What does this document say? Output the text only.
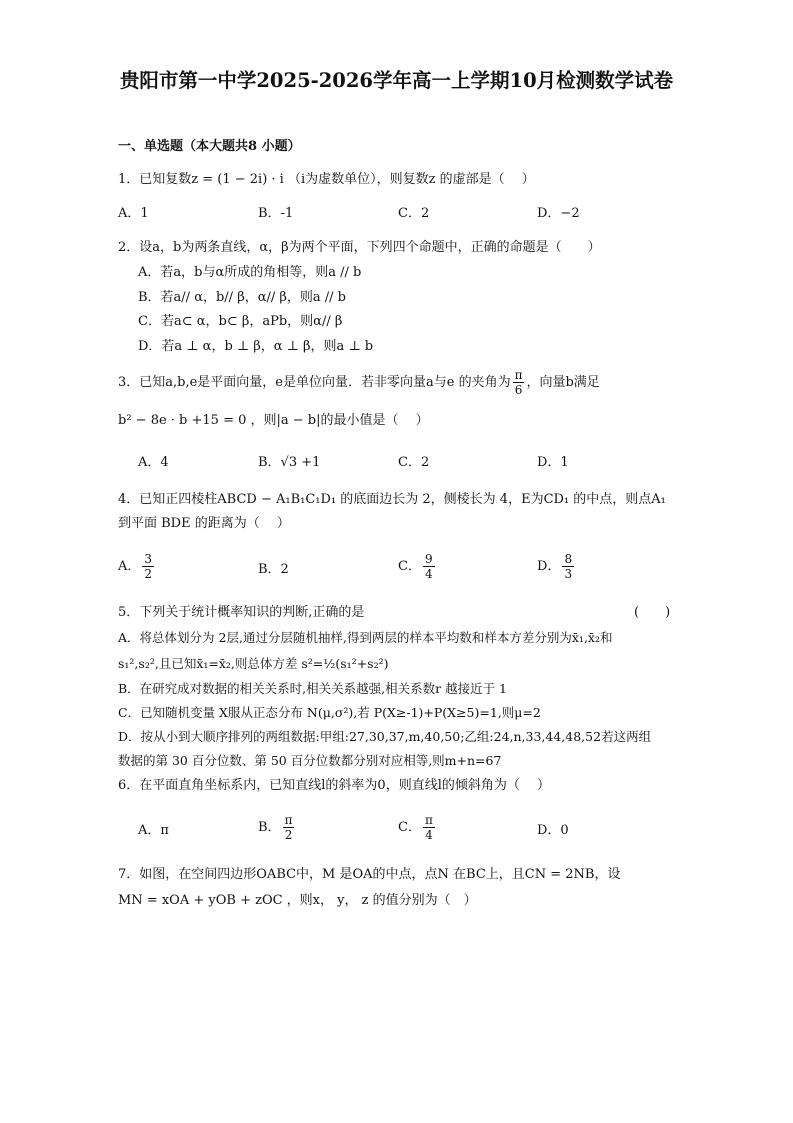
贵阳市第一中学2025-2026学年高一上学期10月检测数学试卷
一、单选题（本大题共8 小题）
1．已知复数z = (1 − 2i) · i （i为虚数单位），则复数z 的虚部是（　 ）
A．1	B．-1	C．2	D．−2
2．设a，b为两条直线，α，β为两个平面，下列四个命题中，正确的命题是（　　）
A．若a，b与α所成的角相等，则a // b
B．若a// α，b// β，α// β，则a // b
C．若a⊂ α，b⊂ β，aPb，则α// β
D．若a ⊥ α，b ⊥ β，α ⊥ β，则a ⊥ b
3．已知a,b,e是平面向量，e是单位向量．若非零向量a与e 的夹角为 $\frac{\pi}{6}$ ，向量b满足
b² − 8e · b +15 = 0 ，则|a − b|的最小值是（　 ）
A．4	B．√3 +1	C．2	D．1
4．已知正四棱柱ABCD − A₁B₁C₁D₁ 的底面边长为 2，侧棱长为 4，E为CD₁ 的中点，则点A₁
到平面 BDE 的距离为（　 ）
A． $\frac{3}{2}$	B．2	C． $\frac{9}{4}$	D． $\frac{8}{3}$
5．下列关于统计概率知识的判断,正确的是	(　　)
A．将总体划分为 2层,通过分层随机抽样,得到两层的样本平均数和样本方差分别为x̄₁,x̄₂和
s₁²,s₂²,且已知x̄₁=x̄₂,则总体方差 s²=½(s₁²+s₂²)
B．在研究成对数据的相关关系时,相关关系越强,相关系数r 越接近于 1
C．已知随机变量 X服从正态分布 N(μ,σ²),若 P(X≥-1)+P(X≥5)=1,则μ=2
D．按从小到大顺序排列的两组数据:甲组:27,30,37,m,40,50;乙组:24,n,33,44,48,52若这两组
数据的第 30 百分位数、第 50 百分位数都分别对应相等,则m+n=67
6．在平面直角坐标系内，已知直线l的斜率为0，则直线l的倾斜角为（　 ）
A．π	B． $\frac{\pi}{2}$	C． $\frac{\pi}{4}$	D．0
7．如图，在空间四边形OABC中，M 是OA的中点，点N 在BC上，且CN = 2NB，设
MN = xOA + yOB + zOC ，则x， y， z 的值分别为（　）
